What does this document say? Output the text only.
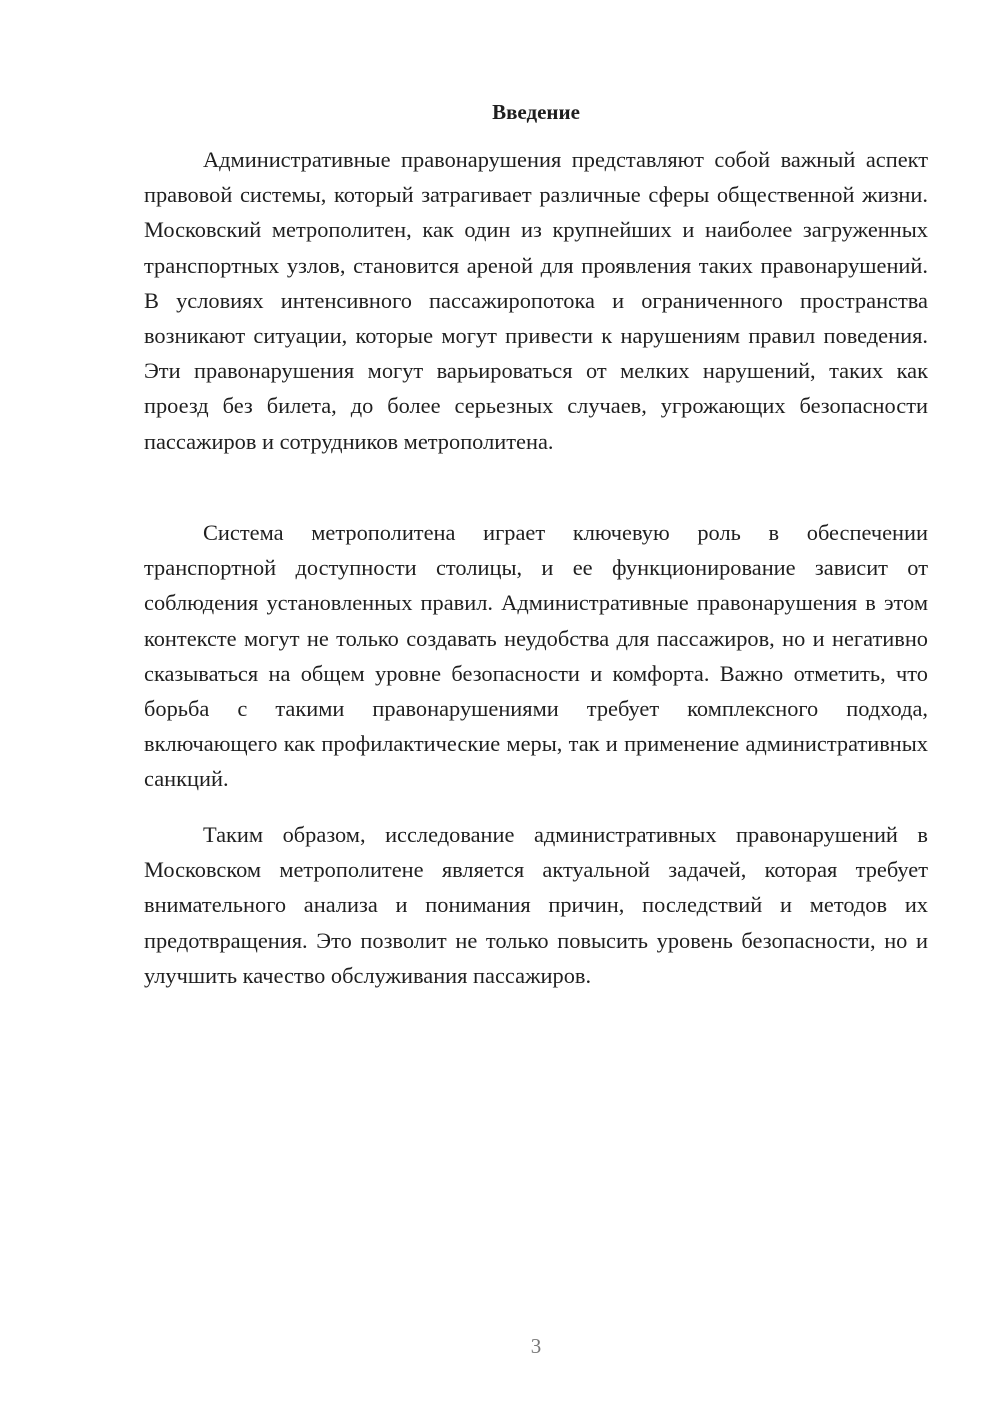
Введение

Административные правонарушения представляют собой важный аспект правовой системы, который затрагивает различные сферы общественной жизни. Московский метрополитен, как один из крупнейших и наиболее загруженных транспортных узлов, становится ареной для проявления таких правонарушений. В условиях интенсивного пассажиропотока и ограниченного пространства возникают ситуации, которые могут привести к нарушениям правил поведения. Эти правонарушения могут варьироваться от мелких нарушений, таких как проезд без билета, до более серьезных случаев, угрожающих безопасности пассажиров и сотрудников метрополитена.

Система метрополитена играет ключевую роль в обеспечении транспортной доступности столицы, и ее функционирование зависит от соблюдения установленных правил. Административные правонарушения в этом контексте могут не только создавать неудобства для пассажиров, но и негативно сказываться на общем уровне безопасности и комфорта. Важно отметить, что борьба с такими правонарушениями требует комплексного подхода, включающего как профилактические меры, так и применение административных санкций.

Таким образом, исследование административных правонарушений в Московском метрополитене является актуальной задачей, которая требует внимательного анализа и понимания причин, последствий и методов их предотвращения. Это позволит не только повысить уровень безопасности, но и улучшить качество обслуживания пассажиров.

3
